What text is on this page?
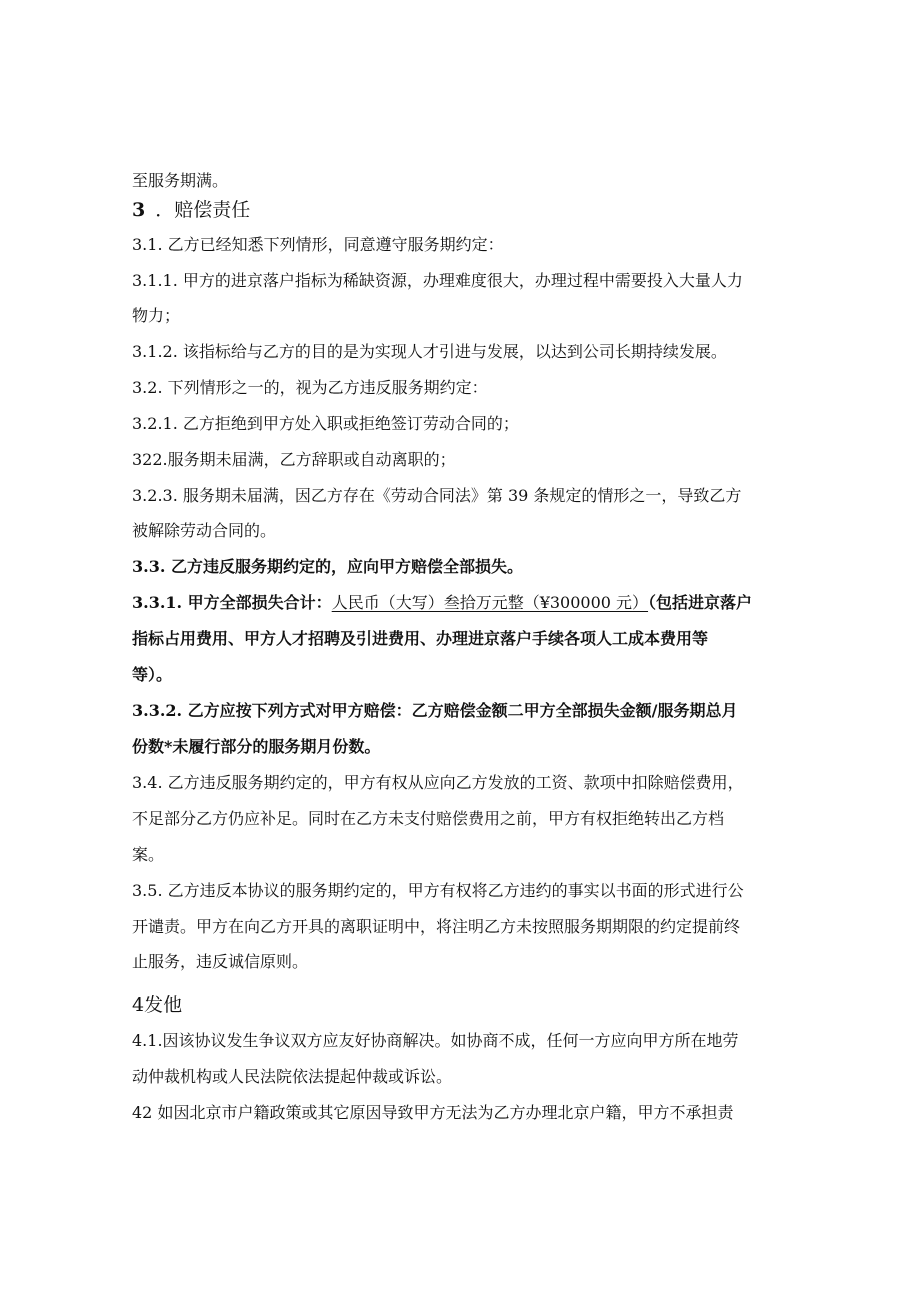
至服务期满。
3 ．赔偿责任
3.1. 乙方已经知悉下列情形，同意遵守服务期约定：
3.1.1. 甲方的进京落户指标为稀缺资源，办理难度很大，办理过程中需要投入大量人力
物力；
3.1.2. 该指标给与乙方的目的是为实现人才引进与发展，以达到公司长期持续发展。
3.2. 下列情形之一的，视为乙方违反服务期约定：
3.2.1. 乙方拒绝到甲方处入职或拒绝签订劳动合同的；
322.服务期未届满，乙方辞职或自动离职的；
3.2.3. 服务期未届满，因乙方存在《劳动合同法》第 39 条规定的情形之一，导致乙方
被解除劳动合同的。
3.3. 乙方违反服务期约定的，应向甲方赔偿全部损失。
3.3.1. 甲方全部损失合计：人民币（大写）叁拾万元整（¥300000 元）（包括进京落户
指标占用费用、甲方人才招聘及引进费用、办理进京落户手续各项人工成本费用等
等）。
3.3.2. 乙方应按下列方式对甲方赔偿：乙方赔偿金额二甲方全部损失金额/服务期总月
份数*未履行部分的服务期月份数。
3.4. 乙方违反服务期约定的，甲方有权从应向乙方发放的工资、款项中扣除赔偿费用，
不足部分乙方仍应补足。同时在乙方未支付赔偿费用之前，甲方有权拒绝转出乙方档
案。
3.5. 乙方违反本协议的服务期约定的，甲方有权将乙方违约的事实以书面的形式进行公
开谴责。甲方在向乙方开具的离职证明中，将注明乙方未按照服务期期限的约定提前终
止服务，违反诚信原则。
4发他
4.1.因该协议发生争议双方应友好协商解决。如协商不成，任何一方应向甲方所在地劳
动仲裁机构或人民法院依法提起仲裁或诉讼。
42 如因北京市户籍政策或其它原因导致甲方无法为乙方办理北京户籍，甲方不承担责
